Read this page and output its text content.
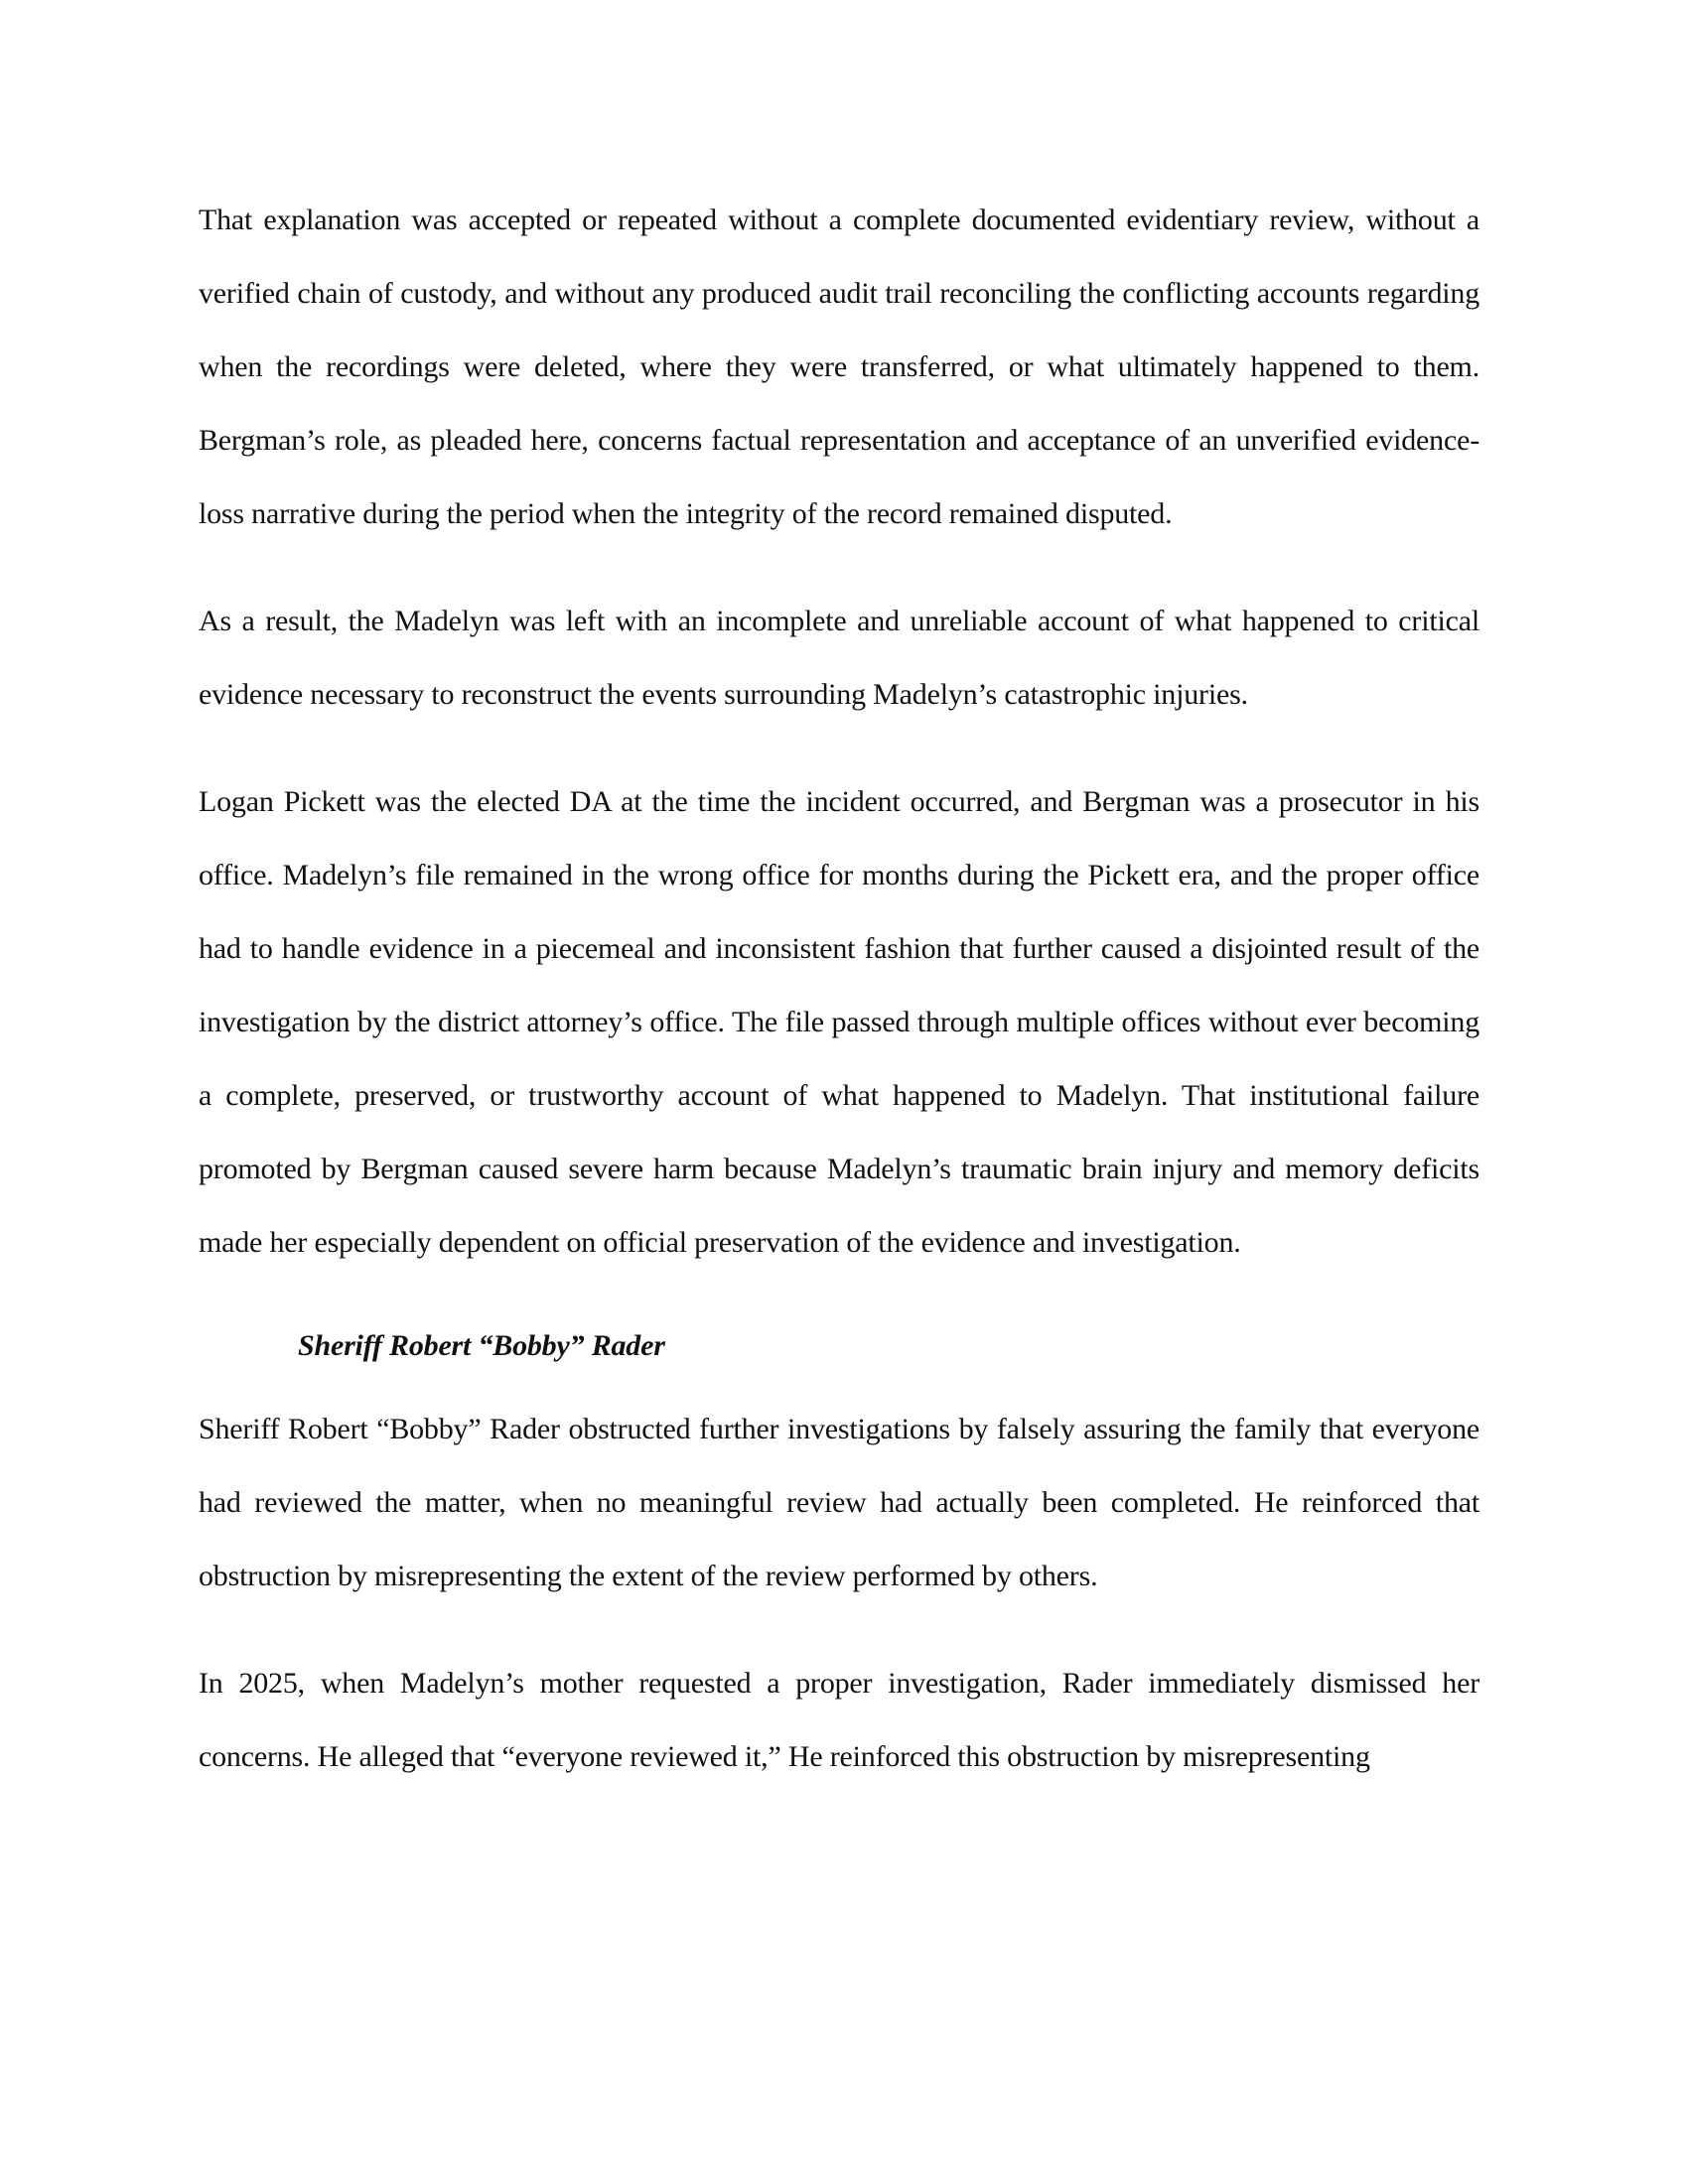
That explanation was accepted or repeated without a complete documented evidentiary review, without a verified chain of custody, and without any produced audit trail reconciling the conflicting accounts regarding when the recordings were deleted, where they were transferred, or what ultimately happened to them. Bergman’s role, as pleaded here, concerns factual representation and acceptance of an unverified evidence-loss narrative during the period when the integrity of the record remained disputed.

As a result, the Madelyn was left with an incomplete and unreliable account of what happened to critical evidence necessary to reconstruct the events surrounding Madelyn’s catastrophic injuries.

Logan Pickett was the elected DA at the time the incident occurred, and Bergman was a prosecutor in his office. Madelyn’s file remained in the wrong office for months during the Pickett era, and the proper office had to handle evidence in a piecemeal and inconsistent fashion that further caused a disjointed result of the investigation by the district attorney’s office. The file passed through multiple offices without ever becoming a complete, preserved, or trustworthy account of what happened to Madelyn. That institutional failure promoted by Bergman caused severe harm because Madelyn’s traumatic brain injury and memory deficits made her especially dependent on official preservation of the evidence and investigation.

Sheriff Robert “Bobby” Rader

Sheriff Robert “Bobby” Rader obstructed further investigations by falsely assuring the family that everyone had reviewed the matter, when no meaningful review had actually been completed. He reinforced that obstruction by misrepresenting the extent of the review performed by others.

In 2025, when Madelyn’s mother requested a proper investigation, Rader immediately dismissed her concerns. He alleged that “everyone reviewed it,” He reinforced this obstruction by misrepresenting
